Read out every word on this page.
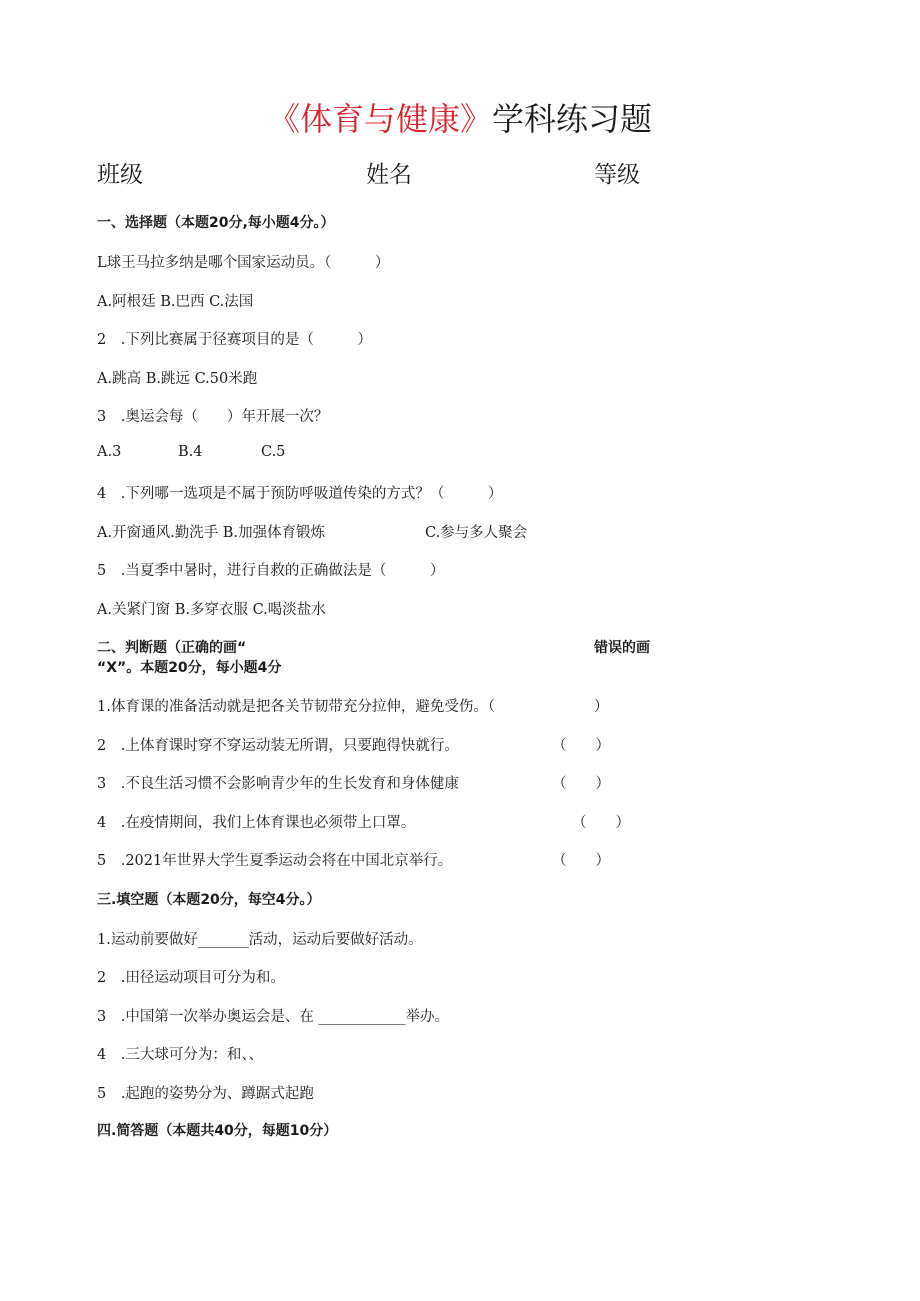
《体育与健康》学科练习题
班级	姓名	等级
一、选择题（本题20分,每小题4分。）
L球王马拉多纳是哪个国家运动员。（　　　）
A.阿根廷 B.巴西 C.法国
2　.下列比赛属于径赛项目的是（　　　）
A.跳高 B.跳远 C.50米跑
3　.奥运会每（　　）年开展一次？
A.3	B.4	C.5
4　.下列哪一选项是不属于预防呼吸道传染的方式？（　　　）
A.开窗通风.勤洗手 B.加强体育锻炼	C.参与多人聚会
5　.当夏季中暑时，进行自救的正确做法是（　　　）
A.关紧门窗 B.多穿衣服 C.喝淡盐水
二、判断题（正确的画“	错误的画
“X”。本题20分，每小题4分
1.体育课的准备活动就是把各关节韧带充分拉伸，避免受伤。（	）
2　.上体育课时穿不穿运动装无所谓，只要跑得快就行。	（　　）
3　.不良生活习惯不会影响青少年的生长发育和身体健康	（　　）
4　.在疫情期间，我们上体育课也必须带上口罩。	（　　）
5　.2021年世界大学生夏季运动会将在中国北京举行。	（　　）
三.填空题（本题20分，每空4分。）
1.运动前要做好_______活动，运动后要做好活动。
2　.田径运动项目可分为和。
3　.中国第一次举办奥运会是、在 ____________举办。
4　.三大球可分为：和、、
5　.起跑的姿势分为、蹲踞式起跑
四.简答题（本题共40分，每题10分）
